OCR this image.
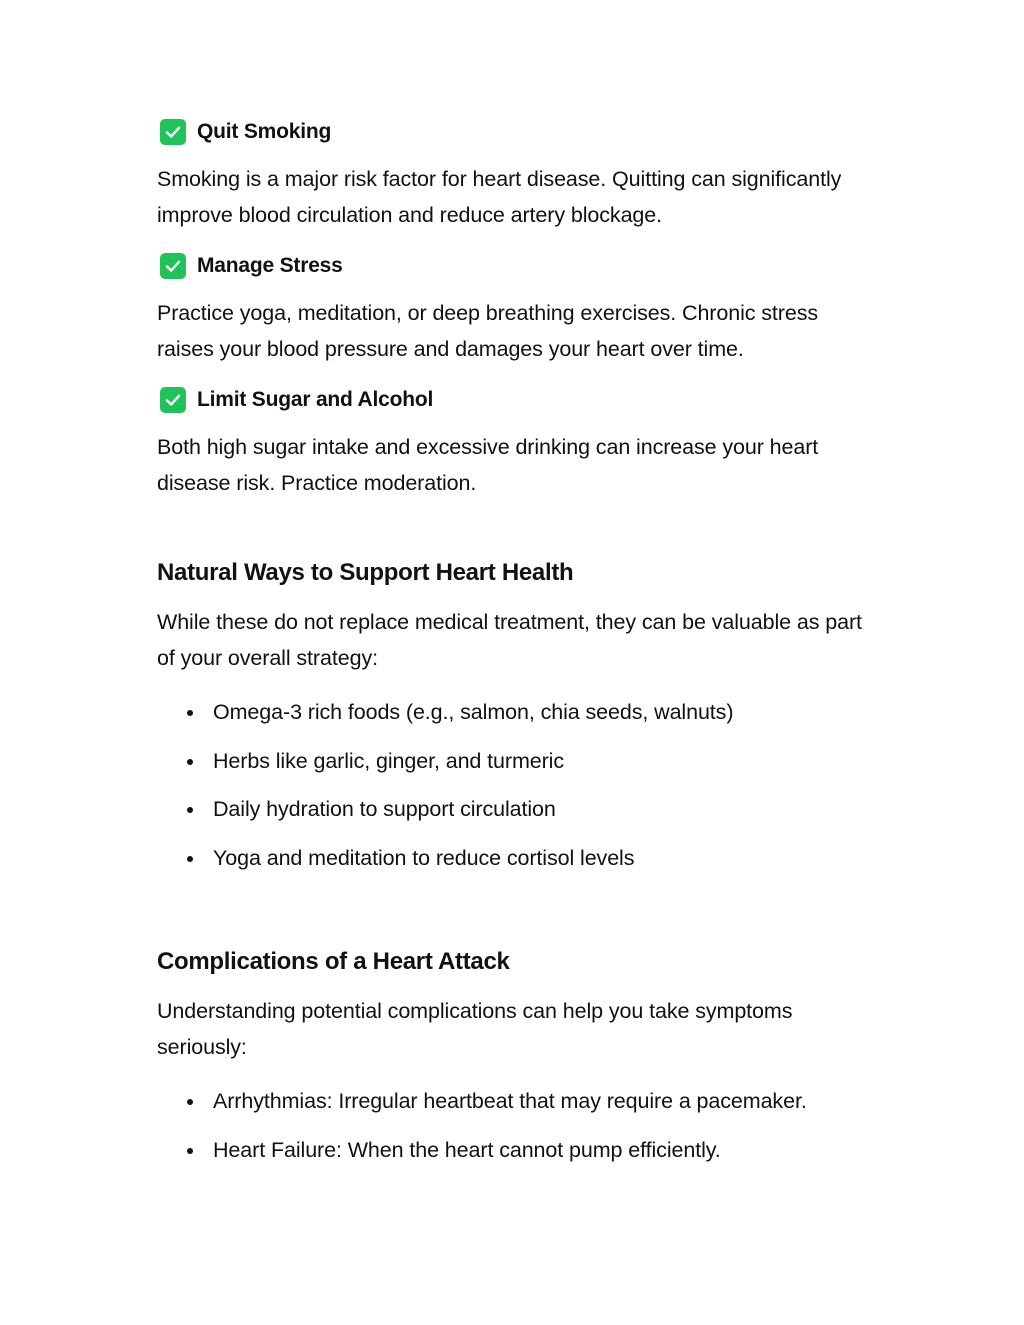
Quit Smoking

Smoking is a major risk factor for heart disease. Quitting can significantly improve blood circulation and reduce artery blockage.

Manage Stress

Practice yoga, meditation, or deep breathing exercises. Chronic stress raises your blood pressure and damages your heart over time.

Limit Sugar and Alcohol

Both high sugar intake and excessive drinking can increase your heart disease risk. Practice moderation.

Natural Ways to Support Heart Health

While these do not replace medical treatment, they can be valuable as part of your overall strategy:

Omega-3 rich foods (e.g., salmon, chia seeds, walnuts)
Herbs like garlic, ginger, and turmeric
Daily hydration to support circulation
Yoga and meditation to reduce cortisol levels
Complications of a Heart Attack

Understanding potential complications can help you take symptoms seriously:

Arrhythmias: Irregular heartbeat that may require a pacemaker.
Heart Failure: When the heart cannot pump efficiently.
